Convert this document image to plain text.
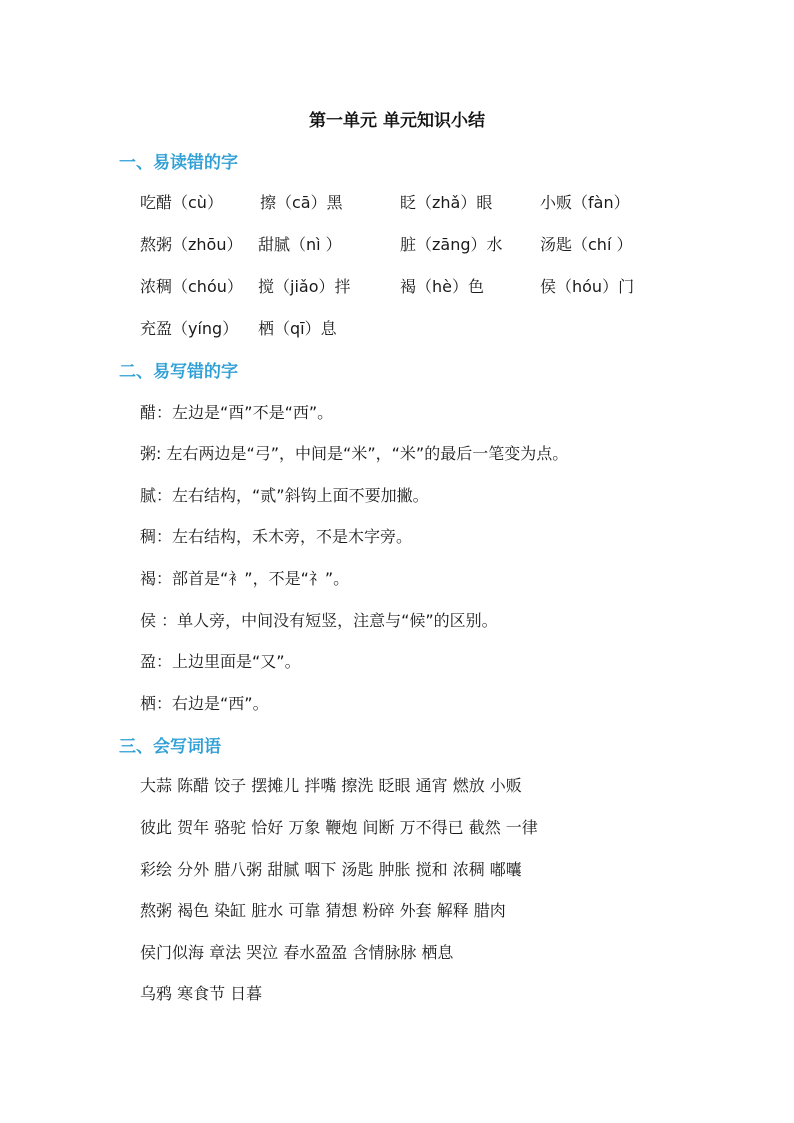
第一单元 单元知识小结
一、易读错的字
吃醋（cù） 擦（cā）黑	眨（zhǎ）眼	小贩（fàn）
熬粥（zhōu） 甜腻（nì ）	脏（zāng）水 汤匙（chí ）
浓稠（chóu） 搅（jiǎo）拌	褐（hè）色	侯（hóu）门
充盈（yíng） 栖（qī）息
二、易写错的字
醋：左边是“酉”不是“西”。
粥: 左右两边是“弓”，中间是“米”，“米”的最后一笔变为点。
腻：左右结构，“贰”斜钩上面不要加撇。
稠：左右结构，禾木旁，不是木字旁。
褐：部首是“衤”，不是“礻”。
侯 ：单人旁，中间没有短竖，注意与“候”的区别。
盈：上边里面是“又”。
栖：右边是“西”。
三、会写词语
大蒜 陈醋 饺子 摆摊儿 拌嘴 擦洗 眨眼 通宵 燃放 小贩
彼此 贺年 骆驼 恰好 万象 鞭炮 间断 万不得已 截然 一律
彩绘 分外 腊八粥 甜腻 咽下 汤匙 肿胀 搅和 浓稠 嘟囔
熬粥 褐色 染缸 脏水 可靠 猜想 粉碎 外套 解释 腊肉
侯门似海 章法 哭泣 春水盈盈 含情脉脉 栖息
乌鸦 寒食节 日暮
